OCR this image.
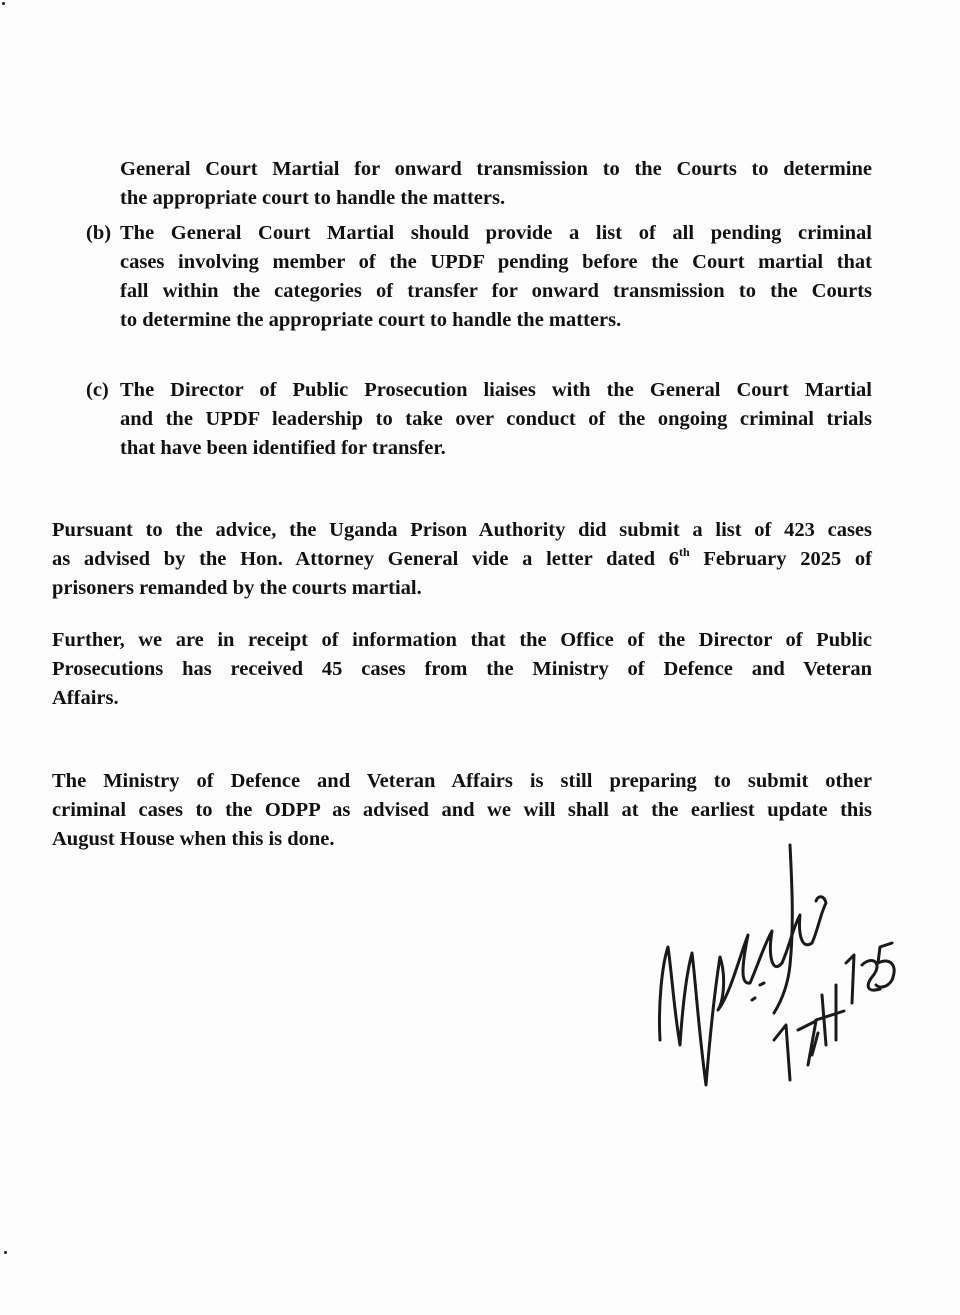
General Court Martial for onward transmission to the Courts to determine
the appropriate court to handle the matters.
(b) The General Court Martial should provide a list of all pending criminal
cases involving member of the UPDF pending before the Court martial that
fall within the categories of transfer for onward transmission to the Courts
to determine the appropriate court to handle the matters.
(c) The Director of Public Prosecution liaises with the General Court Martial
and the UPDF leadership to take over conduct of the ongoing criminal trials
that have been identified for transfer.
Pursuant to the advice, the Uganda Prison Authority did submit a list of 423 cases
as advised by the Hon. Attorney General vide a letter dated 6th February 2025 of
prisoners remanded by the courts martial.
Further, we are in receipt of information that the Office of the Director of Public
Prosecutions has received 45 cases from the Ministry of Defence and Veteran
Affairs.
The Ministry of Defence and Veteran Affairs is still preparing to submit other
criminal cases to the ODPP as advised and we will shall at the earliest update this
August House when this is done.
